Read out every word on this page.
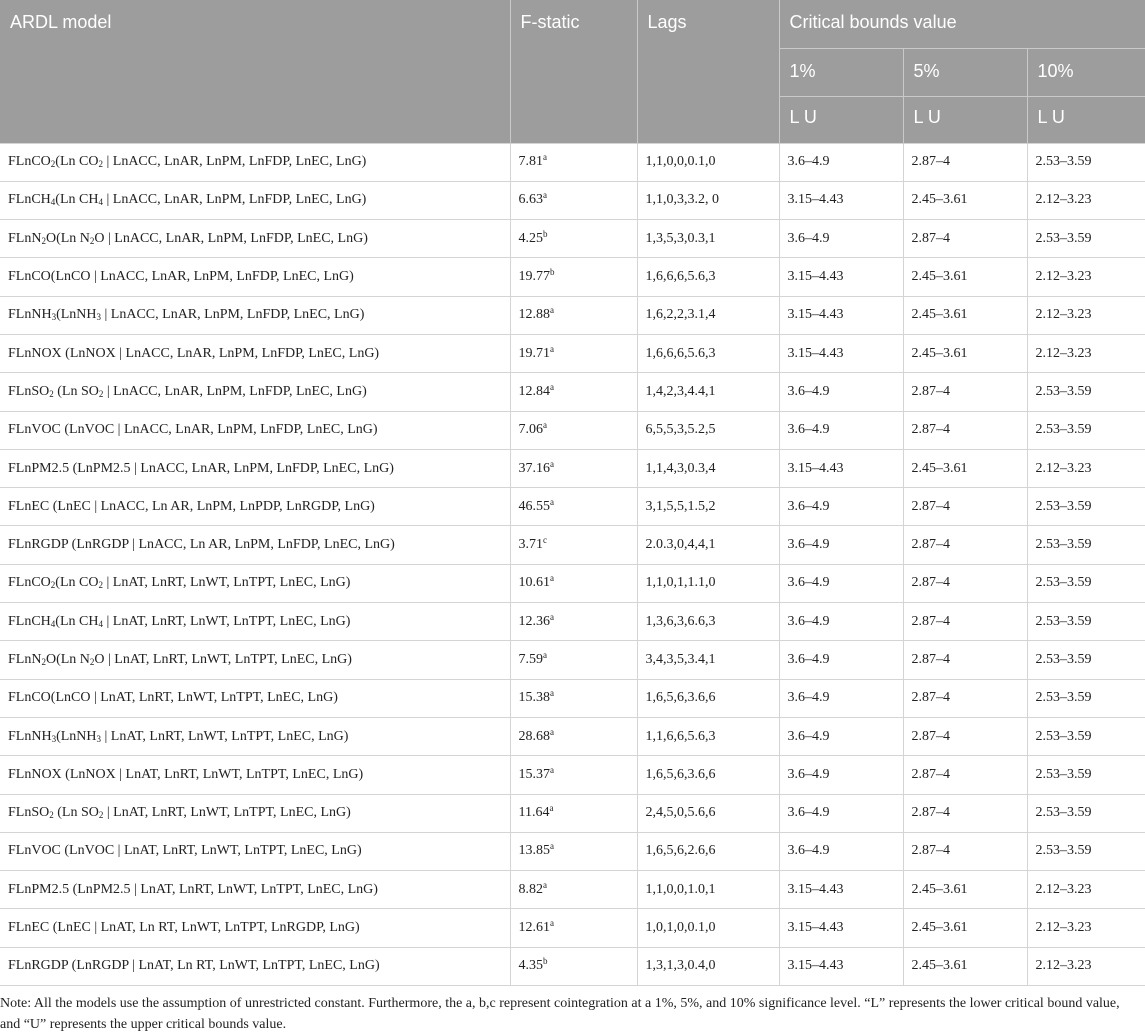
ARDL model	F-static	Lags	Critical bounds value		
			1%	5%	10%
			L U	L U	L U
FLnCO$_2$(Ln $CO_2$ | LnACC, LnAR, LnPM, LnFDP, LnEC, LnG)	7.81$^a$	1,1,0,0,0.1,0	3.6–4.9	2.87–4	2.53–3.59
FLnCH$_4$(Ln $CH_4$ | LnACC, LnAR, LnPM, LnFDP, LnEC, LnG)	6.63$^a$	1,1,0,3,3.2, 0	3.15–4.43	2.45–3.61	2.12–3.23
FLnN$_2$O(Ln $N_2O$ | LnACC, LnAR, LnPM, LnFDP, LnEC, LnG)	4.25$^b$	1,3,5,3,0.3,1	3.6–4.9	2.87–4	2.53–3.59
FLnCO(LnCO | LnACC, LnAR, LnPM, LnFDP, LnEC, LnG)	19.77$^b$	1,6,6,6,5.6,3	3.15–4.43	2.45–3.61	2.12–3.23
FLnNH$_3$(LnNH$_3$ | LnACC, LnAR, LnPM, LnFDP, LnEC, LnG)	12.88$^a$	1,6,2,2,3.1,4	3.15–4.43	2.45–3.61	2.12–3.23
FLnNOX (LnNOX | LnACC, LnAR, LnPM, LnFDP, LnEC, LnG)	19.71$^a$	1,6,6,6,5.6,3	3.15–4.43	2.45–3.61	2.12–3.23
FLnSO$_2$ (Ln $SO_2$ | LnACC, LnAR, LnPM, LnFDP, LnEC, LnG)	12.84$^a$	1,4,2,3,4.4,1	3.6–4.9	2.87–4	2.53–3.59
FLnVOC (LnVOC | LnACC, LnAR, LnPM, LnFDP, LnEC, LnG)	7.06$^a$	6,5,5,3,5.2,5	3.6–4.9	2.87–4	2.53–3.59
FLnPM2.5 (LnPM2.5 | LnACC, LnAR, LnPM, LnFDP, LnEC, LnG)	37.16$^a$	1,1,4,3,0.3,4	3.15–4.43	2.45–3.61	2.12–3.23
FLnEC (LnEC | LnACC, Ln AR, LnPM, LnPDP, LnRGDP, LnG)	46.55$^a$	3,1,5,5,1.5,2	3.6–4.9	2.87–4	2.53–3.59
FLnRGDP (LnRGDP | LnACC, Ln AR, LnPM, LnFDP, LnEC, LnG)	3.71$^c$	2.0.3,0,4,4,1	3.6–4.9	2.87–4	2.53–3.59
FLnCO$_2$(Ln $CO_2$ | LnAT, LnRT, LnWT, LnTPT, LnEC, LnG)	10.61$^a$	1,1,0,1,1.1,0	3.6–4.9	2.87–4	2.53–3.59
FLnCH$_4$(Ln $CH_4$ | LnAT, LnRT, LnWT, LnTPT, LnEC, LnG)	12.36$^a$	1,3,6,3,6.6,3	3.6–4.9	2.87–4	2.53–3.59
FLnN$_2$O(Ln $N_2O$ | LnAT, LnRT, LnWT, LnTPT, LnEC, LnG)	7.59$^a$	3,4,3,5,3.4,1	3.6–4.9	2.87–4	2.53–3.59
FLnCO(LnCO | LnAT, LnRT, LnWT, LnTPT, LnEC, LnG)	15.38$^a$	1,6,5,6,3.6,6	3.6–4.9	2.87–4	2.53–3.59
FLnNH$_3$(LnNH$_3$ | LnAT, LnRT, LnWT, LnTPT, LnEC, LnG)	28.68$^a$	1,1,6,6,5.6,3	3.6–4.9	2.87–4	2.53–3.59
FLnNOX (LnNOX | LnAT, LnRT, LnWT, LnTPT, LnEC, LnG)	15.37$^a$	1,6,5,6,3.6,6	3.6–4.9	2.87–4	2.53–3.59
FLnSO$_2$ (Ln $SO_2$ | LnAT, LnRT, LnWT, LnTPT, LnEC, LnG)	11.64$^a$	2,4,5,0,5.6,6	3.6–4.9	2.87–4	2.53–3.59
FLnVOC (LnVOC | LnAT, LnRT, LnWT, LnTPT, LnEC, LnG)	13.85$^a$	1,6,5,6,2.6,6	3.6–4.9	2.87–4	2.53–3.59
FLnPM2.5 (LnPM2.5 | LnAT, LnRT, LnWT, LnTPT, LnEC, LnG)	8.82$^a$	1,1,0,0,1.0,1	3.15–4.43	2.45–3.61	2.12–3.23
FLnEC (LnEC | LnAT, Ln RT, LnWT, LnTPT, LnRGDP, LnG)	12.61$^a$	1,0,1,0,0.1,0	3.15–4.43	2.45–3.61	2.12–3.23
FLnRGDP (LnRGDP | LnAT, Ln RT, LnWT, LnTPT, LnEC, LnG)	4.35$^b$	1,3,1,3,0.4,0	3.15–4.43	2.45–3.61	2.12–3.23
Note: All the models use the assumption of unrestricted constant. Furthermore, the a, b,c represent cointegration at a 1%, 5%, and 10% significance level. “L” represents the lower critical bound value, and “U” represents the upper critical bounds value.
